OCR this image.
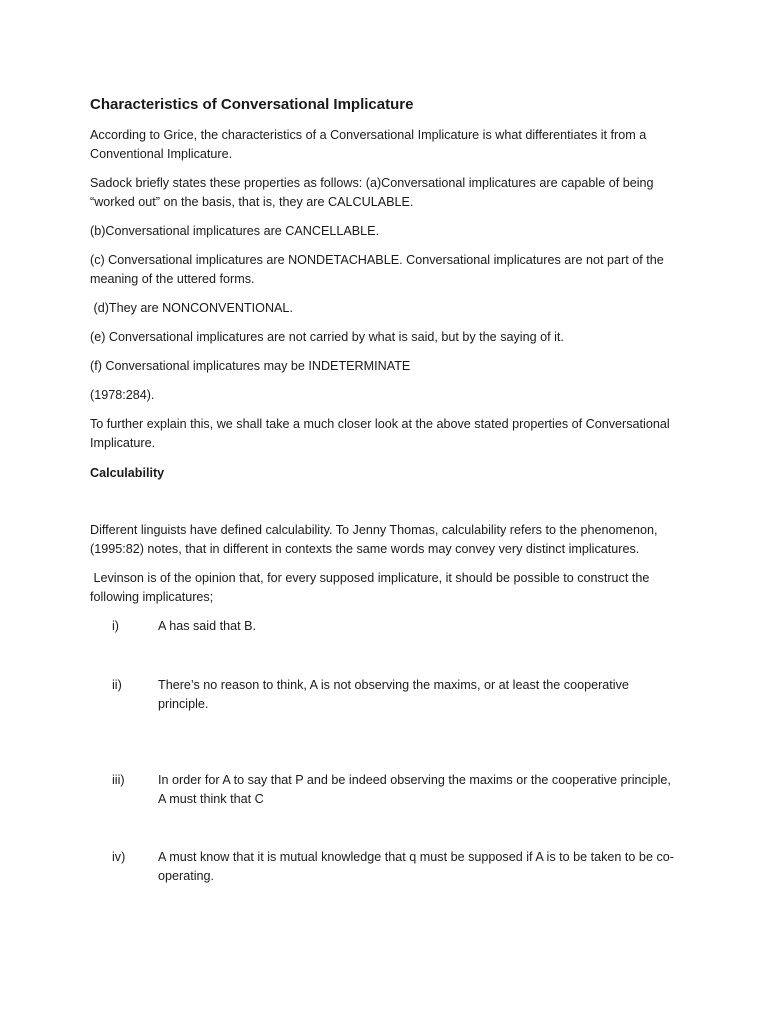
Characteristics of Conversational Implicature

According to Grice, the characteristics of a Conversational Implicature is what differentiates it from a Conventional Implicature.

Sadock briefly states these properties as follows: (a)Conversational implicatures are capable of being “worked out” on the basis, that is, they are CALCULABLE.

(b)Conversational implicatures are CANCELLABLE.

(c) Conversational implicatures are NONDETACHABLE. Conversational implicatures are not part of the meaning of the uttered forms.

(d)They are NONCONVENTIONAL.

(e) Conversational implicatures are not carried by what is said, but by the saying of it.

(f) Conversational implicatures may be INDETERMINATE

(1978:284).

To further explain this, we shall take a much closer look at the above stated properties of Conversational Implicature.

Calculability

Different linguists have defined calculability. To Jenny Thomas, calculability refers to the phenomenon, (1995:82) notes, that in different in contexts the same words may convey very distinct implicatures.

Levinson is of the opinion that, for every supposed implicature, it should be possible to construct the following implicatures;

i)	A has said that B.
ii)	There’s no reason to think, A is not observing the maxims, or at least the cooperative principle.
iii)	In order for A to say that P and be indeed observing the maxims or the cooperative principle, A must think that C
iv)	A must know that it is mutual knowledge that q must be supposed if A is to be taken to be co-operating.
